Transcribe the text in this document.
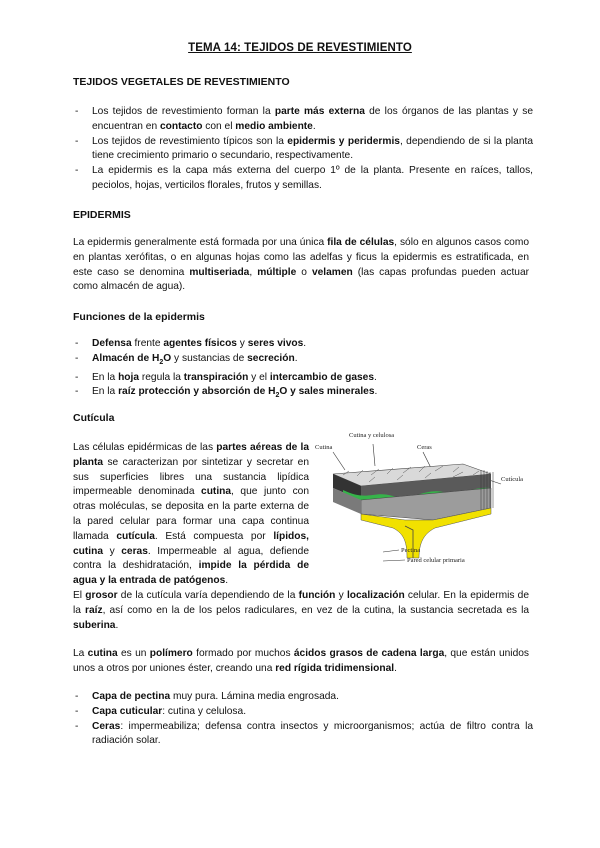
TEMA 14: TEJIDOS DE REVESTIMIENTO
TEJIDOS VEGETALES DE REVESTIMIENTO
- Los tejidos de revestimiento forman la parte más externa de los órganos de las plantas y se encuentran en contacto con el medio ambiente.
- Los tejidos de revestimiento típicos son la epidermis y peridermis, dependiendo de si la planta tiene crecimiento primario o secundario, respectivamente.
- La epidermis es la capa más externa del cuerpo 1º de la planta. Presente en raíces, tallos, peciolos, hojas, verticilos florales, frutos y semillas.
EPIDERMIS
La epidermis generalmente está formada por una única fila de células, sólo en algunos casos como en plantas xerófitas, o en algunas hojas como las adelfas y ficus la epidermis es estratificada, en este caso se denomina multiseriada, múltiple o velamen (las capas profundas pueden actuar como almacén de agua).
Funciones de la epidermis
- Defensa frente agentes físicos y seres vivos.
- Almacén de $H_2O$ y sustancias de secreción.
- En la hoja regula la transpiración y el intercambio de gases.
- En la raíz protección y absorción de $H_2O$ y sales minerales.
Cutícula
Las células epidérmicas de las partes aéreas de la planta se caracterizan por sintetizar y secretar en sus superficies libres una sustancia lipídica impermeable denominada cutina, que junto con otras moléculas, se deposita en la parte externa de la pared celular para formar una capa continua llamada cutícula. Está compuesta por lípidos, cutina y ceras. Impermeable al agua, defiende contra la deshidratación, impide la pérdida de agua y la entrada de patógenos.
El grosor de la cutícula varía dependiendo de la función y localización celular. En la epidermis de la raíz, así como en la de los pelos radiculares, en vez de la cutina, la sustancia secretada es la suberina.
La cutina es un polímero formado por muchos ácidos grasos de cadena larga, que están unidos unos a otros por uniones éster, creando una red rígida tridimensional.
- Capa de pectina muy pura. Lámina media engrosada.
- Capa cuticular: cutina y celulosa.
- Ceras: impermeabiliza; defensa contra insectos y microorganismos; actúa de filtro contra la radiación solar.
Cutina y celulosa
Cutina	Ceras
Cutícula
Pectina
Pared celular primaria
